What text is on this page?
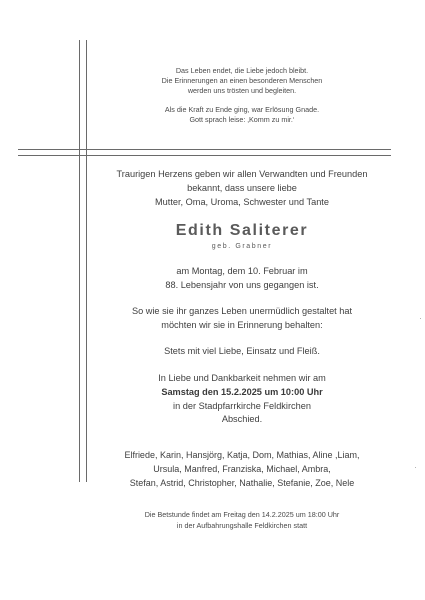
Das Leben endet, die Liebe jedoch bleibt.
Die Erinnerungen an einen besonderen Menschen
werden uns trösten und begleiten.
Als die Kraft zu Ende ging, war Erlösung Gnade.
Gott sprach leise: ‚Komm zu mir.‘
Traurigen Herzens geben wir allen Verwandten und Freunden
bekannt, dass unsere liebe
Mutter, Oma, Uroma, Schwester und Tante
Edith Saliterer
geb. Grabner
am Montag, dem 10. Februar im
88. Lebensjahr von uns gegangen ist.
So wie sie ihr ganzes Leben unermüdlich gestaltet hat
möchten wir sie in Erinnerung behalten:
Stets mit viel Liebe, Einsatz und Fleiß.
In Liebe und Dankbarkeit nehmen wir am
Samstag den 15.2.2025 um 10:00 Uhr
in der Stadpfarrkirche Feldkirchen
Abschied.
Elfriede, Karin, Hansjörg, Katja, Dom, Mathias, Aline ,Liam,
Ursula, Manfred, Franziska, Michael, Ambra,
Stefan, Astrid, Christopher, Nathalie, Stefanie, Zoe, Nele
Die Betstunde findet am Freitag den 14.2.2025 um 18:00 Uhr
in der Aufbahrungshalle Feldkirchen statt
